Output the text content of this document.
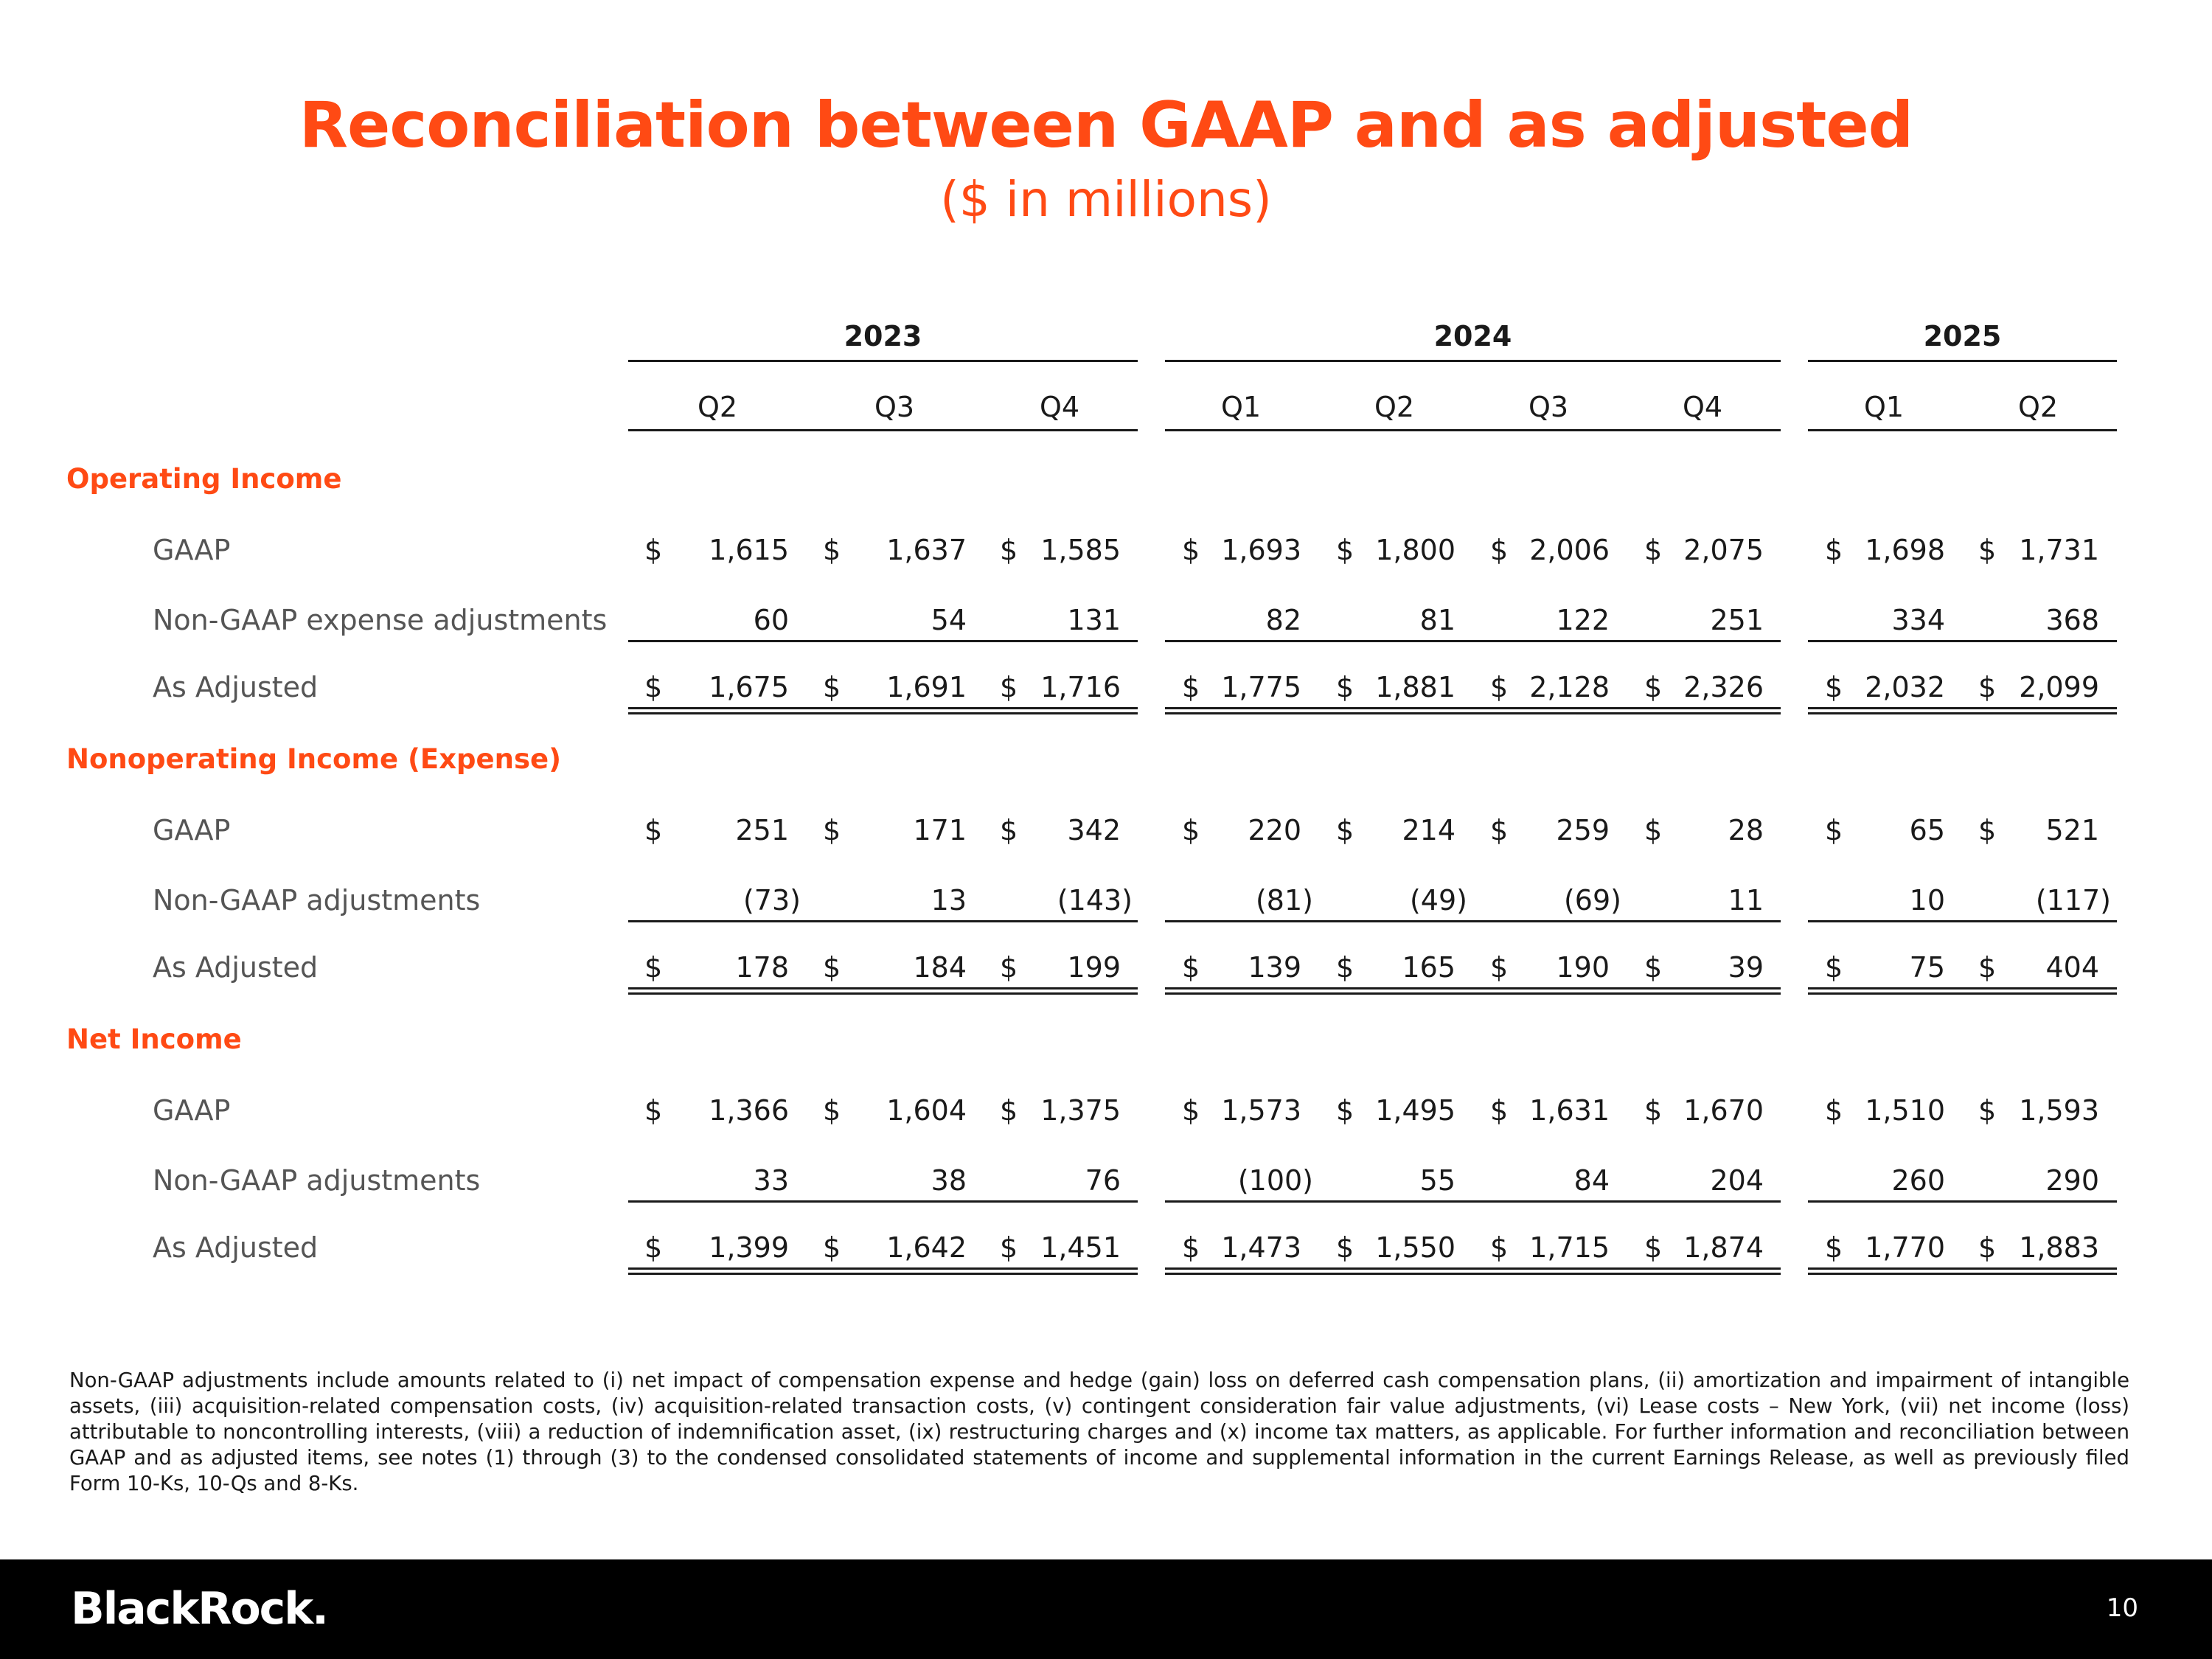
Reconciliation between GAAP and as adjusted
($ in millions)
2023	2024	2025
Q2	Q3	Q4	Q1	Q2	Q3	Q4	Q1	Q2
Operating Income
GAAP	$	1,615 $	1,637 $ 1,585 $ 1,693 $ 1,800 $ 2,006 $ 2,075 $ 1,698 $ 1,731
Non-GAAP expense adjustments	60	54	131	82	81	122	251	334	368
As Adjusted	$	1,675 $	1,691 $ 1,716 $ 1,775 $ 1,881 $ 2,128 $ 2,326 $ 2,032 $ 2,099
Nonoperating Income (Expense)
GAAP	$	251 $	171 $	342 $	220 $	214 $	259 $	28 $	65 $	521
Non-GAAP adjustments	(73)	13	(143)	(81)	(49)	(69)	11	10	(117)
As Adjusted	$	178 $	184 $	199 $	139 $	165 $	190 $	39 $	75 $	404
Net Income
GAAP	$	1,366 $	1,604 $ 1,375 $ 1,573 $ 1,495 $ 1,631 $ 1,670 $ 1,510 $ 1,593
Non-GAAP adjustments	33	38	76	(100)	55	84	204	260	290
As Adjusted	$	1,399 $	1,642 $ 1,451 $ 1,473 $ 1,550 $ 1,715 $ 1,874 $ 1,770 $ 1,883
Non-GAAP adjustments include amounts related to (i) net impact of compensation expense and hedge (gain) loss on deferred cash compensation plans, (ii) amortization and impairment of intangible assets, (iii) acquisition-related compensation costs, (iv) acquisition-related transaction costs, (v) contingent consideration fair value adjustments, (vi) Lease costs – New York, (vii) net income (loss) attributable to noncontrolling interests, (viii) a reduction of indemnification asset, (ix) restructuring charges and (x) income tax matters, as applicable. For further information and reconciliation between GAAP and as adjusted items, see notes (1) through (3) to the condensed consolidated statements of income and supplemental information in the current Earnings Release, as well as previously filed Form 10-Ks, 10-Qs and 8-Ks.
BlackRock.	10
